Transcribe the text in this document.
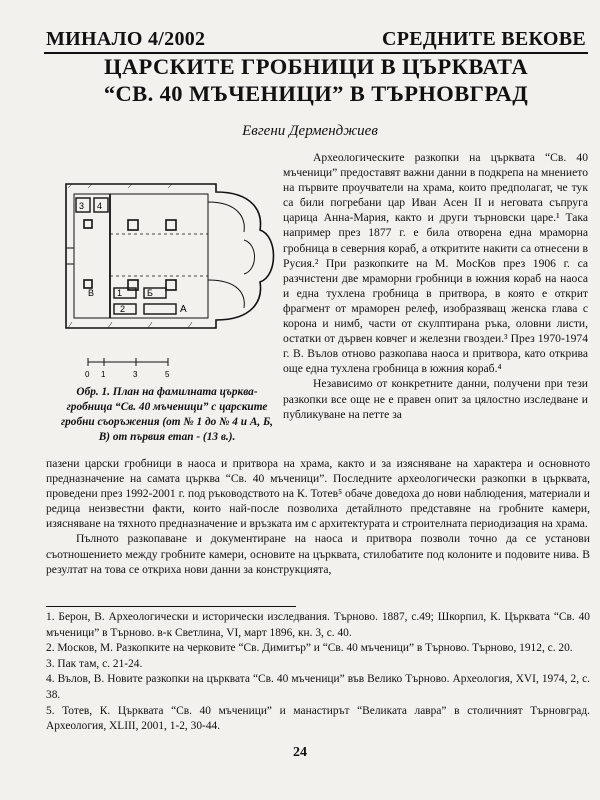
МИНАЛО 4/2002	СРЕДНИТЕ ВЕКОВЕ
ЦАРСКИТЕ ГРОБНИЦИ В ЦЪРКВАТА
“СВ. 40 МЪЧЕНИЦИ” В ТЪРНОВГРАД
Евгени Дерменджиев
3 4
1	Б
2
В
А
0 1	3	5
Обр. 1. План на фамилната църква-гробница “Св. 40 мъченици” с царските гробни съоръжения (от № 1 до № 4 и А, Б, В) от първия етап - (13 в.).

Археологическите разкопки на църквата “Св. 40 мъченици” предоставят важни данни в подкрепа на мнението на първите проучватели на храма, които предполагат, че тук са били погребани цар Иван Асен II и неговата съпруга царица Анна-Мария, както и други търновски царе.¹ Така например през 1877 г. е била отворена една мраморна гробница в северния кораб, а откритите накити са отнесени в Русия.² При разкопките на М. МосКов през 1906 г. са разчистени две мраморни гробници в южния кораб на наоса и една тухлена гробница в притвора, в която е открит фрагмент от мраморен релеф, изобразяващ женска глава с корона и нимб, части от скулптирана ръка, оловни листи, остатки от дървен ковчег и железни гвоздеи.³ През 1970-1974 г. В. Вълов отново разкопава наоса и притвора, като открива още една тухлена гробница в южния кораб.⁴

Независимо от конкретните данни, получени при тези разкопки все още не е правен опит за цялостно изследване и публикуване на петте за

пазени царски гробници в наоса и притвора на храма, както и за изясняване на характера и основното предназначение на самата църква “Св. 40 мъченици”. Последните археологически разкопки в църквата, проведени през 1992-2001 г. под ръководството на К. Тотев⁵ обаче доведоха до нови наблюдения, материали и редица неизвестни факти, които най-после позволиха детайлното представяне на гробните камери, изясняване на тяхното предназначение и връзката им с архитектурата и строителната периодизация на храма.

Пълното разкопаване и документиране на наоса и притвора позволи точно да се установи съотношението между гробните камери, основите на църквата, стилобатите под колоните и подовите нива. В резултат на това се откриха нови данни за конструкцията,

1. Берон, В. Археологически и исторически изследвания. Търново. 1887, с.49; Шкорпил, К. Църквата “Св. 40 мъченици” в Търново. в-к Светлина, VI, март 1896, кн. 3, с. 40.

2. Москов, М. Разкопките на черковите “Св. Димитър” и “Св. 40 мъченици” в Търново. Търново, 1912, с. 20.

3. Пак там, с. 21-24.

4. Вълов, В. Новите разкопки на църквата “Св. 40 мъченици” във Велико Търново. Археология, XVI, 1974, 2, с. 38.

5. Тотев, К. Църквата “Св. 40 мъченици” и манастирът “Великата лавра” в столичният Търновград. Археология, XLIII, 2001, 1-2, 30-44.

24
